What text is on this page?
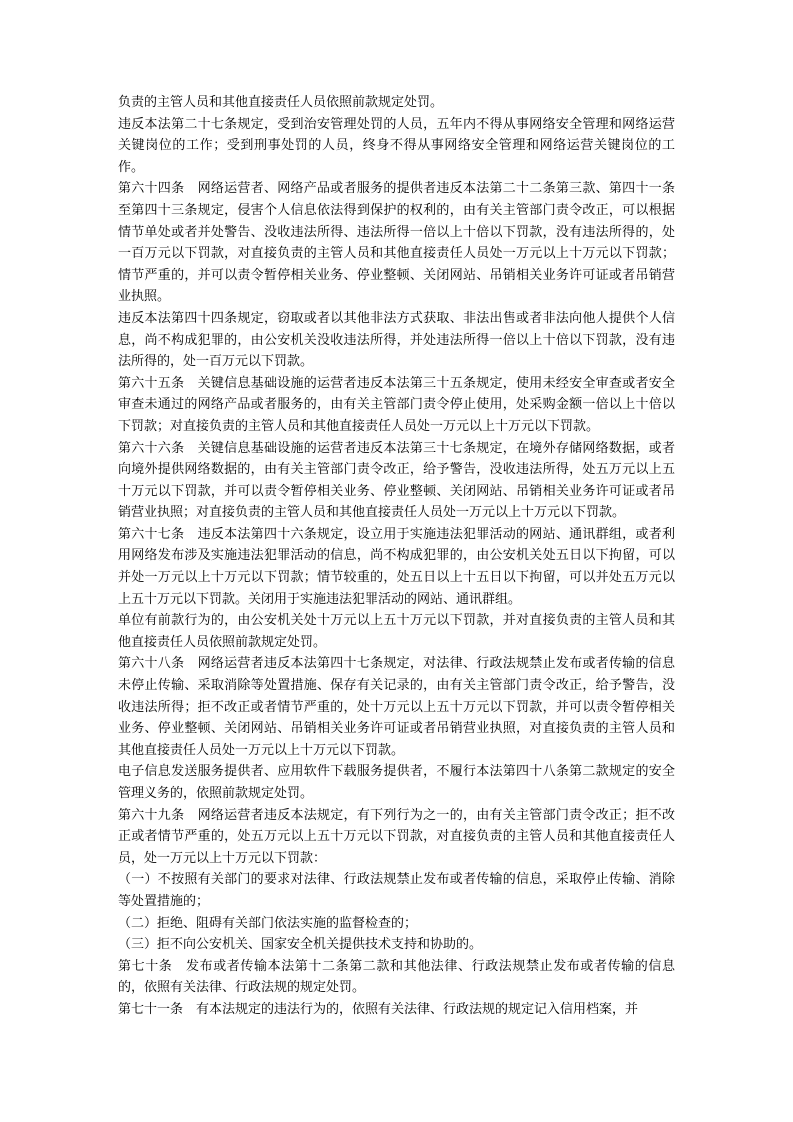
负责的主管人员和其他直接责任人员依照前款规定处罚。

违反本法第二十七条规定，受到治安管理处罚的人员，五年内不得从事网络安全管理和网络运营关键岗位的工作；受到刑事处罚的人员，终身不得从事网络安全管理和网络运营关键岗位的工作。

第六十四条　网络运营者、网络产品或者服务的提供者违反本法第二十二条第三款、第四十一条至第四十三条规定，侵害个人信息依法得到保护的权利的，由有关主管部门责令改正，可以根据情节单处或者并处警告、没收违法所得、违法所得一倍以上十倍以下罚款，没有违法所得的，处一百万元以下罚款，对直接负责的主管人员和其他直接责任人员处一万元以上十万元以下罚款；情节严重的，并可以责令暂停相关业务、停业整顿、关闭网站、吊销相关业务许可证或者吊销营业执照。

违反本法第四十四条规定，窃取或者以其他非法方式获取、非法出售或者非法向他人提供个人信息，尚不构成犯罪的，由公安机关没收违法所得，并处违法所得一倍以上十倍以下罚款，没有违法所得的，处一百万元以下罚款。

第六十五条　关键信息基础设施的运营者违反本法第三十五条规定，使用未经安全审查或者安全审查未通过的网络产品或者服务的，由有关主管部门责令停止使用，处采购金额一倍以上十倍以下罚款；对直接负责的主管人员和其他直接责任人员处一万元以上十万元以下罚款。

第六十六条　关键信息基础设施的运营者违反本法第三十七条规定，在境外存储网络数据，或者向境外提供网络数据的，由有关主管部门责令改正，给予警告，没收违法所得，处五万元以上五十万元以下罚款，并可以责令暂停相关业务、停业整顿、关闭网站、吊销相关业务许可证或者吊销营业执照；对直接负责的主管人员和其他直接责任人员处一万元以上十万元以下罚款。

第六十七条　违反本法第四十六条规定，设立用于实施违法犯罪活动的网站、通讯群组，或者利用网络发布涉及实施违法犯罪活动的信息，尚不构成犯罪的，由公安机关处五日以下拘留，可以并处一万元以上十万元以下罚款；情节较重的，处五日以上十五日以下拘留，可以并处五万元以上五十万元以下罚款。关闭用于实施违法犯罪活动的网站、通讯群组。

单位有前款行为的，由公安机关处十万元以上五十万元以下罚款，并对直接负责的主管人员和其他直接责任人员依照前款规定处罚。

第六十八条　网络运营者违反本法第四十七条规定，对法律、行政法规禁止发布或者传输的信息未停止传输、采取消除等处置措施、保存有关记录的，由有关主管部门责令改正，给予警告，没收违法所得；拒不改正或者情节严重的，处十万元以上五十万元以下罚款，并可以责令暂停相关业务、停业整顿、关闭网站、吊销相关业务许可证或者吊销营业执照，对直接负责的主管人员和其他直接责任人员处一万元以上十万元以下罚款。

电子信息发送服务提供者、应用软件下载服务提供者，不履行本法第四十八条第二款规定的安全管理义务的，依照前款规定处罚。

第六十九条　网络运营者违反本法规定，有下列行为之一的，由有关主管部门责令改正；拒不改正或者情节严重的，处五万元以上五十万元以下罚款，对直接负责的主管人员和其他直接责任人员，处一万元以上十万元以下罚款：

（一）不按照有关部门的要求对法律、行政法规禁止发布或者传输的信息，采取停止传输、消除等处置措施的；

（二）拒绝、阻碍有关部门依法实施的监督检查的；

（三）拒不向公安机关、国家安全机关提供技术支持和协助的。

第七十条　发布或者传输本法第十二条第二款和其他法律、行政法规禁止发布或者传输的信息的，依照有关法律、行政法规的规定处罚。

第七十一条　有本法规定的违法行为的，依照有关法律、行政法规的规定记入信用档案，并
